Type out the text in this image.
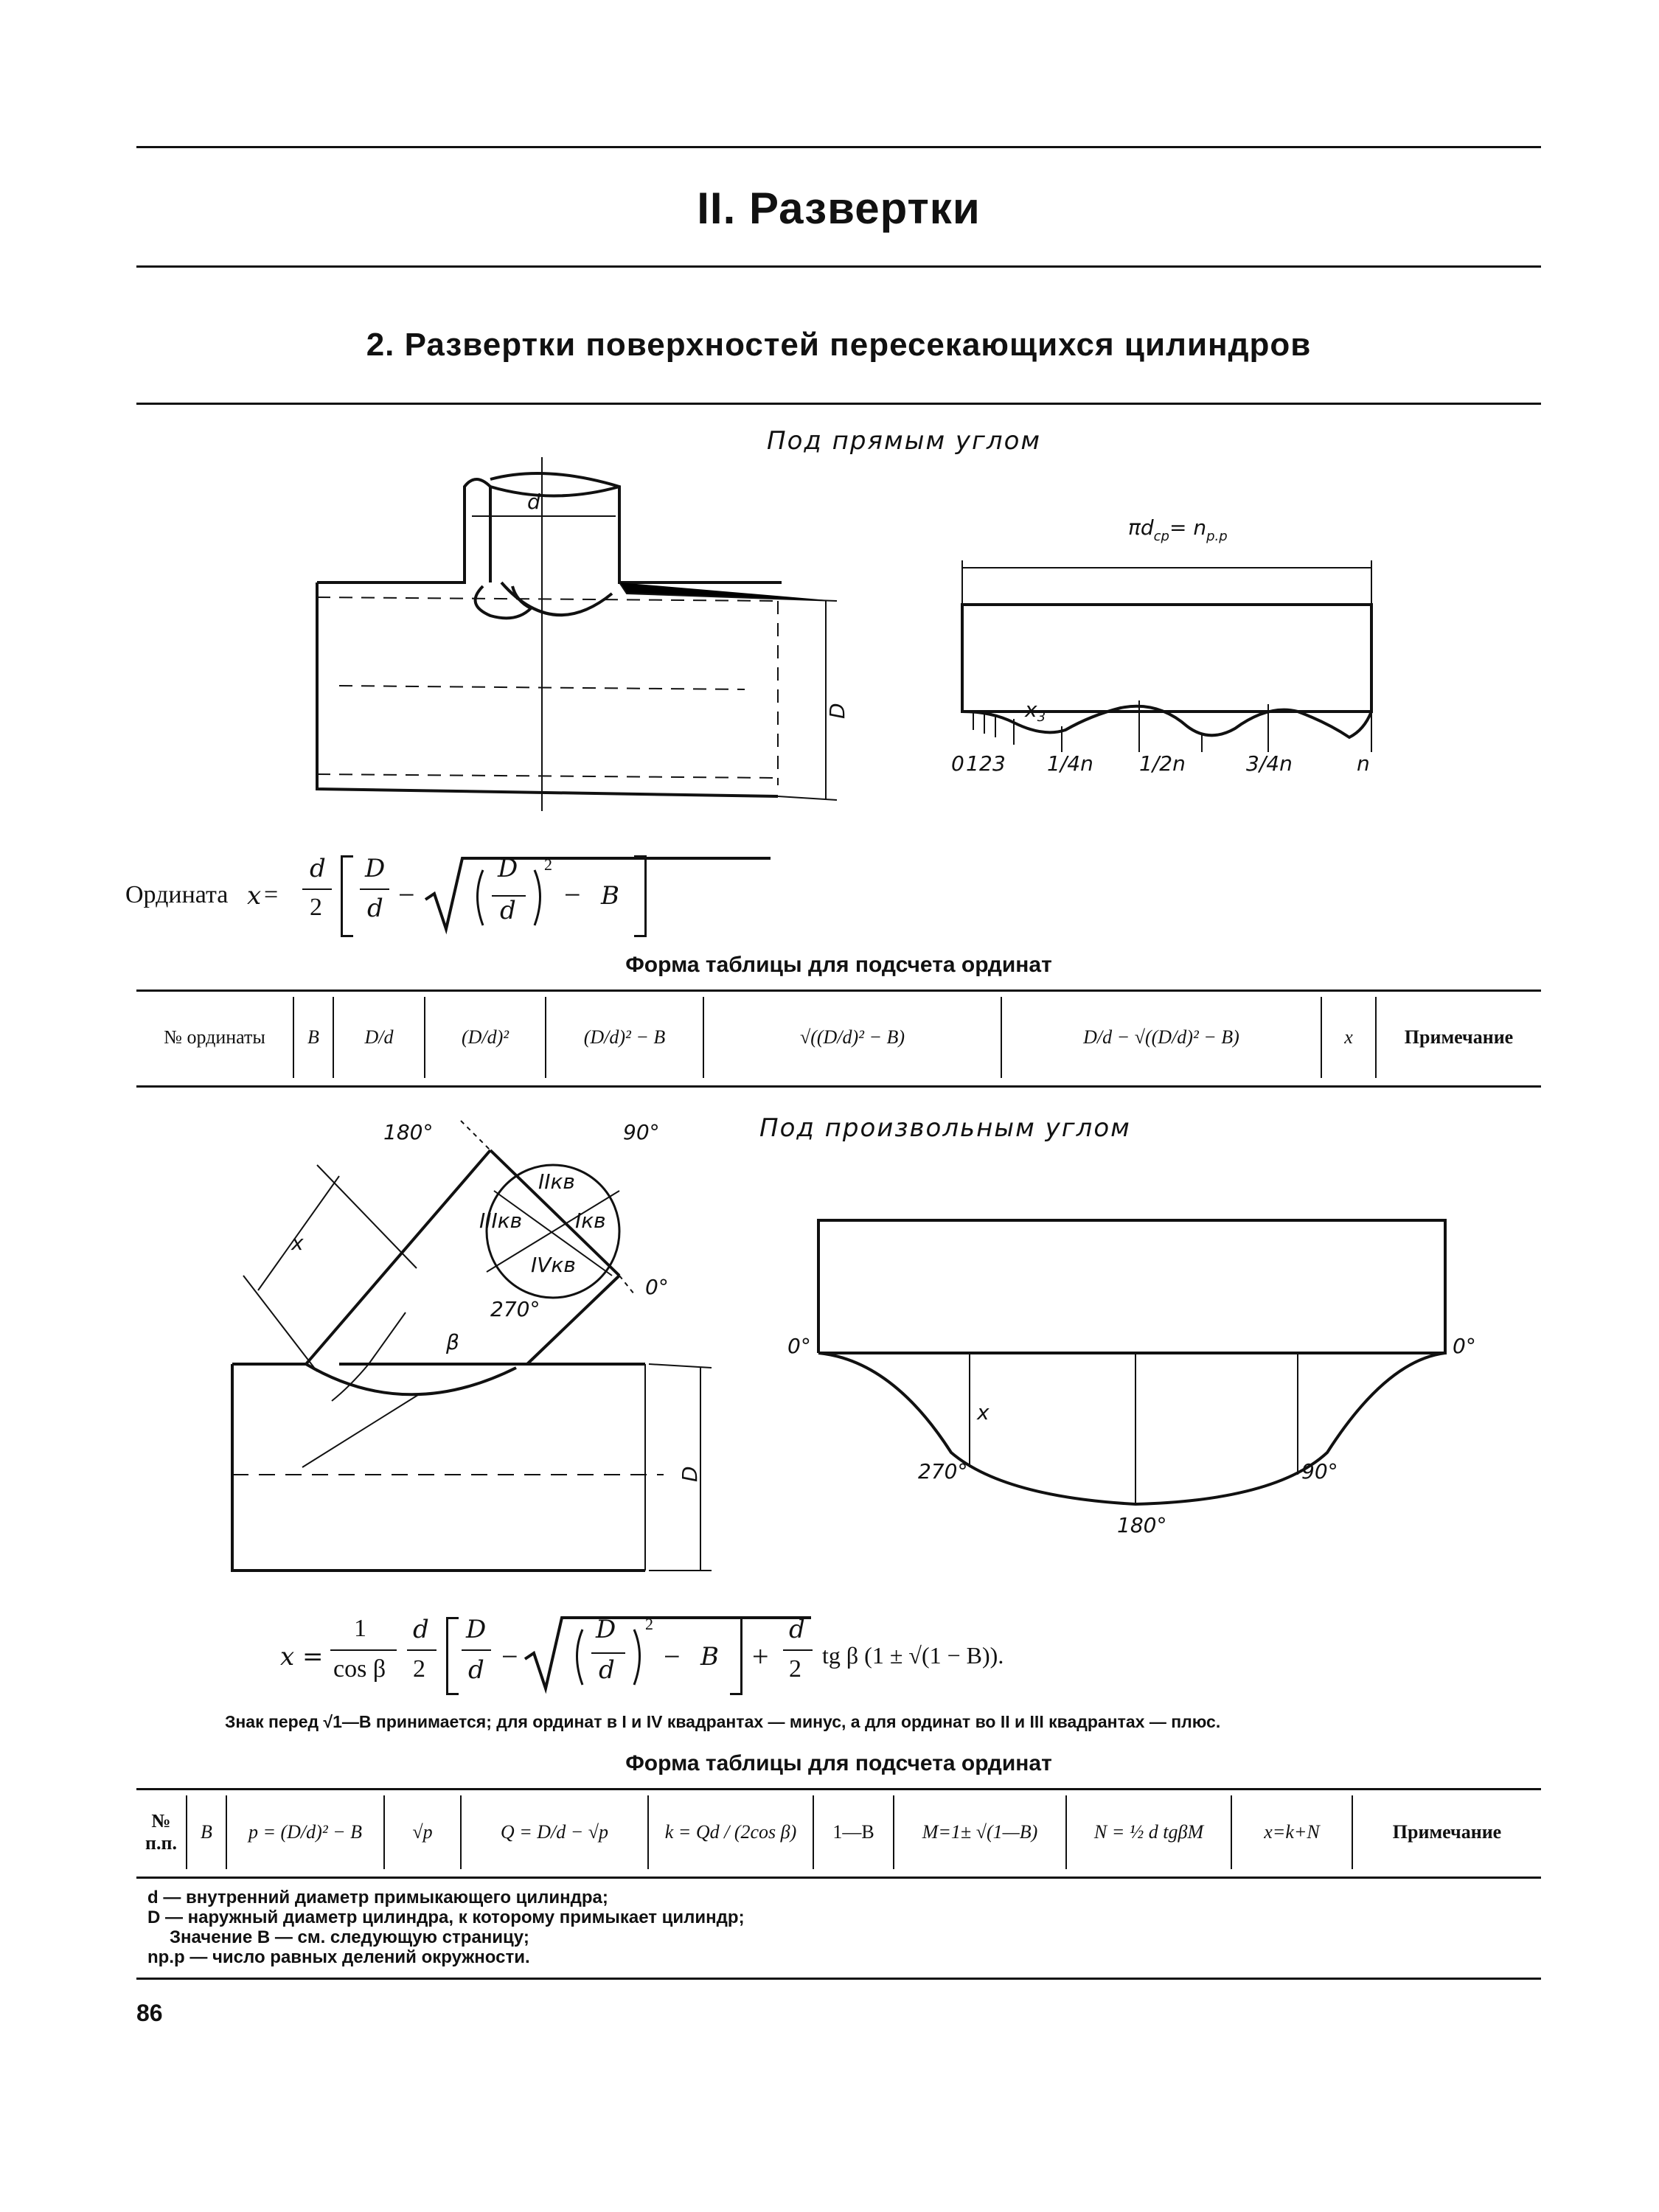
II. Развертки
2. Развертки поверхностей пересекающихся цилиндров
Под прямым углом
d
D
$\pi d_{ср}= n_{р.р}$
$x_3$
0 1 2 3 1/4n 1/2n	3/4n	n
Ордината x =
d
2
D
d −
D
d
2
− B
Форма таблицы для подсчета ординат
№ ординаты	B	D/d	(D/d)²	(D/d)² − B	√((D/d)² − B)	D/d − √((D/d)² − B)	x	Примечание
Под произвольным углом
180°	90°
0°
270°
IIкв
IIIкв	Iкв
IVкв
x
β
D
0°	0°
x
270°	90°
180°
x =
1
cos β
d
2
D
d −
D
d
2
− B +
d
2 tg β (1 ± √(1 − B)).
Знак перед √1—B принимается; для ординат в I и IV квадрантах — минус, а для ординат во II и III квадрантах — плюс.
Форма таблицы для подсчета ординат
№
п.п.
	B	p = (D/d)² − B	√p	Q = D/d − √p	k = Qd / (2cos β)	1—B	M=1± √(1—B)	N = ½ d tgβM	x=k+N	Примечание
d — внутренний диаметр примыкающего цилиндра;
D — наружный диаметр цилиндра, к которому примыкает цилиндр;
Значение B — см. следующую страницу;
nр.р — число равных делений окружности.
86
